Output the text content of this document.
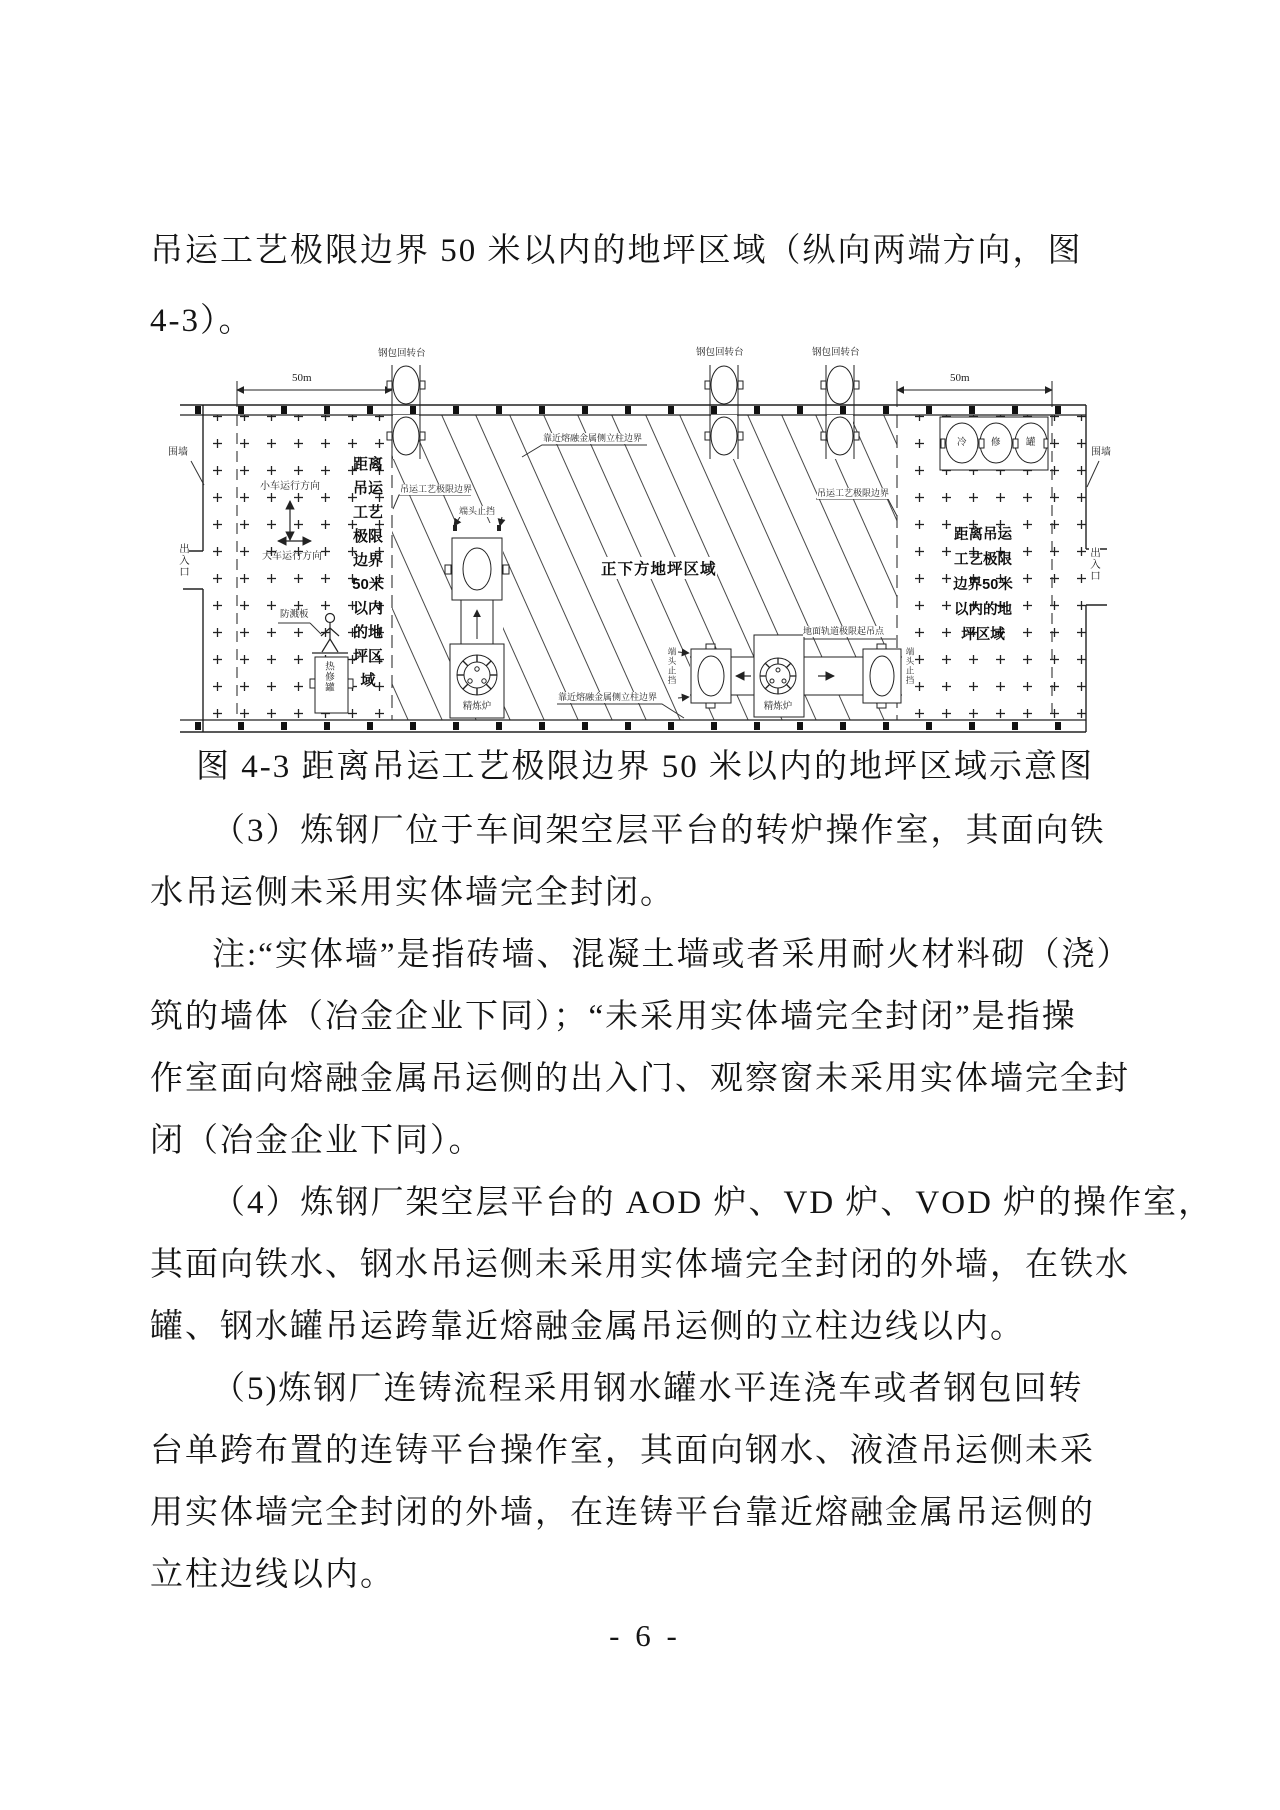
吊运工艺极限边界 50 米以内的地坪区域（纵向两端方向，图
4-3）。
钢包回转台	钢包回转台	钢包回转台
50m	50m
围墙	围墙
出入口	出入口
小车运行方向
大车运行方向
防溅板
热修罐
吊运工艺极限边界	吊运工艺极限边界
靠近熔融金属侧立柱边界
靠近熔融金属侧立柱边界
正下方地坪区域
端头止挡
端头止挡	端头止挡
精炼炉	精炼炉
地面轨道极限起吊点
冷	修	罐
距离
吊运
工艺
极限
边界
50米
以内
的地
坪区
域
距离吊运
工艺极限
边界50米
以内的地
坪区域
图 4-3 距离吊运工艺极限边界 50 米以内的地坪区域示意图
（3）炼钢厂位于车间架空层平台的转炉操作室，其面向铁
水吊运侧未采用实体墙完全封闭。
注:“实体墙”是指砖墙、混凝土墙或者采用耐火材料砌（浇）
筑的墙体（冶金企业下同）；“未采用实体墙完全封闭”是指操
作室面向熔融金属吊运侧的出入门、观察窗未采用实体墙完全封
闭（冶金企业下同）。
（4）炼钢厂架空层平台的 AOD 炉、VD 炉、VOD 炉的操作室，
其面向铁水、钢水吊运侧未采用实体墙完全封闭的外墙，在铁水
罐、钢水罐吊运跨靠近熔融金属吊运侧的立柱边线以内。
（5)炼钢厂连铸流程采用钢水罐水平连浇车或者钢包回转
台单跨布置的连铸平台操作室，其面向钢水、液渣吊运侧未采
用实体墙完全封闭的外墙，在连铸平台靠近熔融金属吊运侧的
立柱边线以内。
- 6 -
